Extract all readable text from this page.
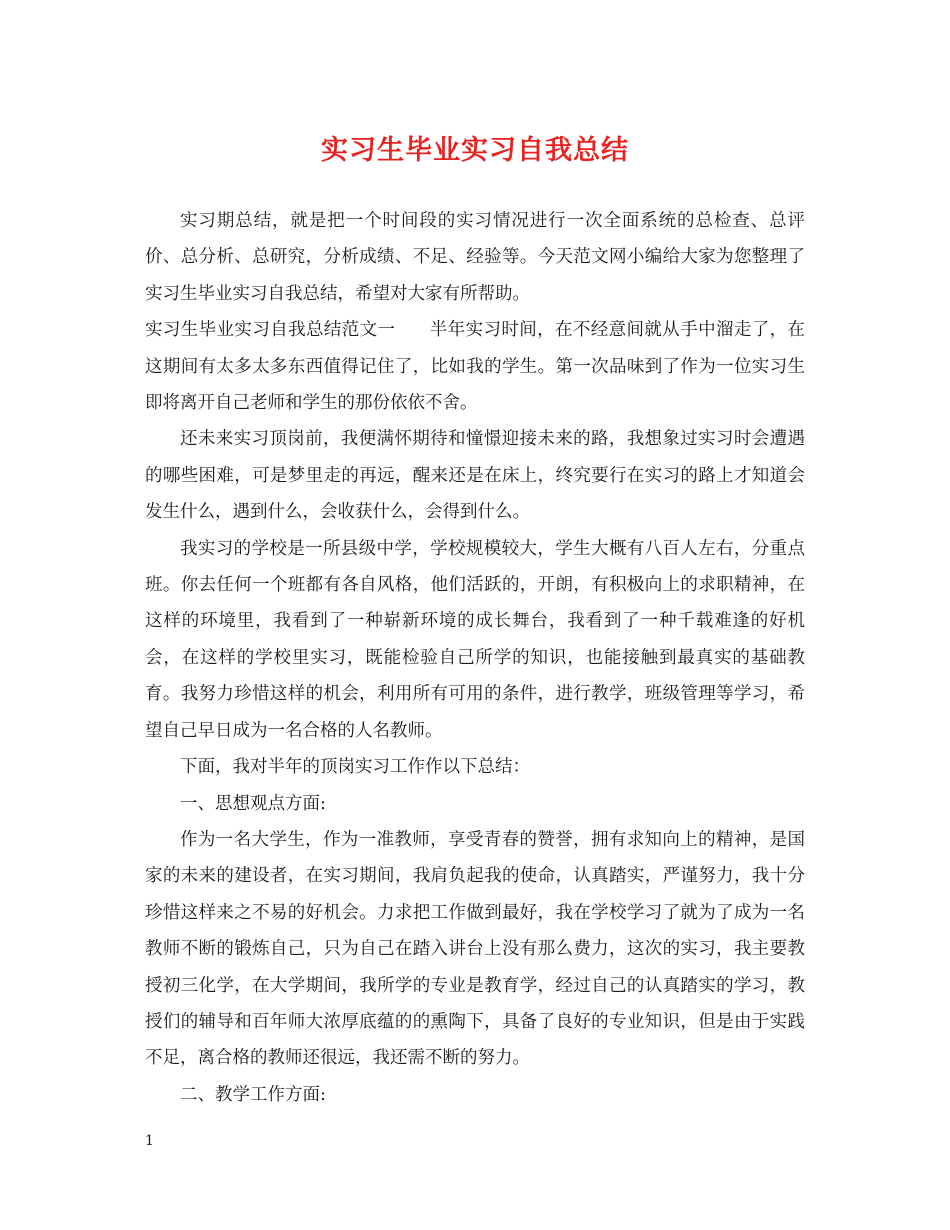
实习生毕业实习自我总结

实习期总结，就是把一个时间段的实习情况进行一次全面系统的总检查、总评价、总分析、总研究，分析成绩、不足、经验等。今天范文网小编给大家为您整理了实习生毕业实习自我总结，希望对大家有所帮助。

实习生毕业实习自我总结范文一 半年实习时间，在不经意间就从手中溜走了，在这期间有太多太多东西值得记住了，比如我的学生。第一次品味到了作为一位实习生即将离开自己老师和学生的那份依依不舍。

还未来实习顶岗前，我便满怀期待和憧憬迎接未来的路，我想象过实习时会遭遇的哪些困难，可是梦里走的再远，醒来还是在床上，终究要行在实习的路上才知道会发生什么，遇到什么，会收获什么，会得到什么。

我实习的学校是一所县级中学，学校规模较大，学生大概有八百人左右，分重点班。你去任何一个班都有各自风格，他们活跃的，开朗，有积极向上的求职精神，在这样的环境里，我看到了一种崭新环境的成长舞台，我看到了一种千载难逢的好机会，在这样的学校里实习，既能检验自己所学的知识，也能接触到最真实的基础教育。我努力珍惜这样的机会，利用所有可用的条件，进行教学，班级管理等学习，希望自己早日成为一名合格的人名教师。

下面，我对半年的顶岗实习工作作以下总结：

一、思想观点方面:

作为一名大学生，作为一准教师，享受青春的赞誉，拥有求知向上的精神，是国家的未来的建设者，在实习期间，我肩负起我的使命，认真踏实，严谨努力，我十分珍惜这样来之不易的好机会。力求把工作做到最好，我在学校学习了就为了成为一名教师不断的锻炼自己，只为自己在踏入讲台上没有那么费力，这次的实习，我主要教授初三化学，在大学期间，我所学的专业是教育学，经过自己的认真踏实的学习，教授们的辅导和百年师大浓厚底蕴的的熏陶下，具备了良好的专业知识，但是由于实践不足，离合格的教师还很远，我还需不断的努力。

二、教学工作方面:

1
